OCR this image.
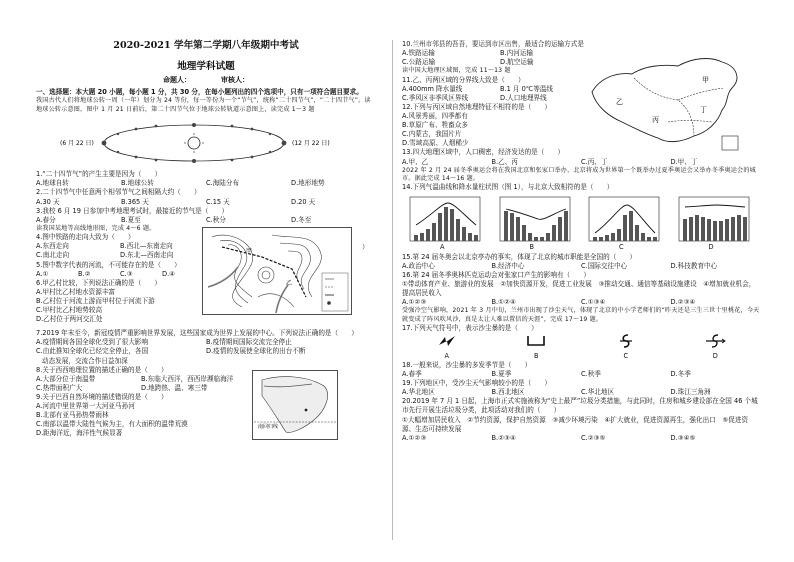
2020-2021 学年第二学期八年级期中考试
地理学科试题
命题人：	审核人：

一、选择题：本大题 20 小题，每小题 1 分，共 30 分，在每小题列出的四个选项中，只有一项符合题目要求。

我国古代人们将地球公转一周（一年）划分为 24 等份，每一等份为一个“节气”，统称“二十四节气”，“二十四节气”。读地球公转示意图，图中 1 月 21 日前后，第二十四节气位于地球公转轨道示意图上，读完成 1～3 题

(6 月 22 日)	(12 月 22 日)

1.“二十四节气”的产生主要是因为（　　）

A.地球自转	B.地球公转	C.海陆分布	D.地形地势

2.二十四节气中任意两个相邻节气之间相隔大约（　　）

A.30 天	B.365 天	C.15 天	D.20 天

3.我校 6 月 19 日参加中考地理考试时，最接近的节气是（　　）

A.春分	B.夏至	C.秋分	D.冬至

读我国某地等高线地形图，完成 4～6 题。

4.图中铁路的走向大致为（　　）

A.东西走向	B.西北—东南走向
C.南北走向	D.东北—西南走向

5.图中数字代表的河流，不可能存在的是（　　）

A.①	B.②	C.③	D.④

6.甲乙村比较，下列说法正确的是（　　）

A.甲村比乙村地水资源丰富

B.乙村位于河流上游而甲村位于河流下游

C.甲村比乙村地势较高

D.乙村位于两河交汇处

甲
乙
）

7.2019 年末至今，新冠疫情严重影响世界发展，这些国家成为世界上发展的中心。下列说法正确的是（　　）

A.疫情期间各国全球化受到了很大影响	B.疫情期间国际交流完全停止
C.由此推知全球化已经完全停止，各国	D.疫情的发展使全球化的出台不断

动态发展，交流合作日益加深

8.关于西西地理位置的描述正确的是（　　）

A.大部分位于南温带	B.东临大西洋，西西岸濒临海洋
C.热带面积广大	D.地跨热、温、寒三带

9.关于巴西自然环境的描述错误的是（　　）

A.河流中里世界第一大河亚马孙河

B.北部有亚马孙热带雨林

C.南部以温带大陆性气候为主，有大面积的温带荒漠

D.距海洋近，海洋性气候显著

南回归线

10.兰州市邻县的吾吾，要运到市区出售，最适合的运输方式是

A.铁路运输	B.内河运输
C.公路运输	D.航空运输

读中国大地理区域图，完成 11～13 题

甲
乙
丙
丁

11.乙、丙两区域的分界线大致是（　　）

A.400mm 降水量线	B.1 月 0℃等温线
C.季风区非季风区界线	D.人口地理界线

12.下列与丙区域自然地理特征不相符的是（　　）

A.风景秀丽，四季都有

B.草原广布、牲畜众多

C.内蒙古，我国片片

D.雪域高原、人烟稀少

13.四大地理区域中，人口稠密，经济发达的是（　　）

A.甲、乙	B.乙、丙	C.丙、丁	D.甲、丁

2022 年 2 月 24 届冬季奥运会将在我国北京和张家口举办，北京将成为世界第一个既举办过夏季奥运会又举办冬季奥运会的城市。据此完成 14～16 题。

14.下列气温曲线和降水量柱状图（图 1），与北京大致相符的是（　　）

A	B	C	D

15.第 24 届冬奥会以北京亭办的事实，体现了北京的城市职能是全国的（　　）

A.政治中心	B.经济中心	C.国际交往中心	D.科技教育中心

16.第 24 届冬季奥林匹克运动会对张家口产生的影响有（　　）

①带动体育产业、旅游业的发展　②加快资源开发，促进工业发展　③推动交通、通信等基础设施建设　④增加就业机会，提高居民收入

A.①②③	B.①②④	C.①③④	D.②③④

受强冷空气影响，2021 年 3 月中旬，兰州市出现了沙尘天气，体现了北京的中小学老师们的“昨天还是三生三世十里桃花，今天就变成了阵风吹风沙，真是太让人难以置信的天涯”，完成 17～19 题。

17.下列天气符号中，表示沙尘暴的是（　　）

A	B	C	D

18.一般来说，沙尘暴的多发季节是（　　）

A.春季	B.夏季	C.秋季	D.冬季

19.下列地区中，受沙尘天气影响较小的是（　　）

A.华北地区	B.西北地区	C.华北地区	D.珠江三角洲

20.2019 年 7 月 1 日起，上海市正式实施被称为“史上最严”垃圾分类措施，与此同时，住房和城乡建设部在全国 46 个城市先行开展生活垃圾分类，此项活动对我们的（　　）

①大幅增加居民收入　②节约资源，保护自然资源　③减少环境污染　④扩大就业，促进资源再生，强化出口　⑤促进资源、生态可持续发展

A.①②③	B.②③④	C.②③⑤	D.③④⑤
